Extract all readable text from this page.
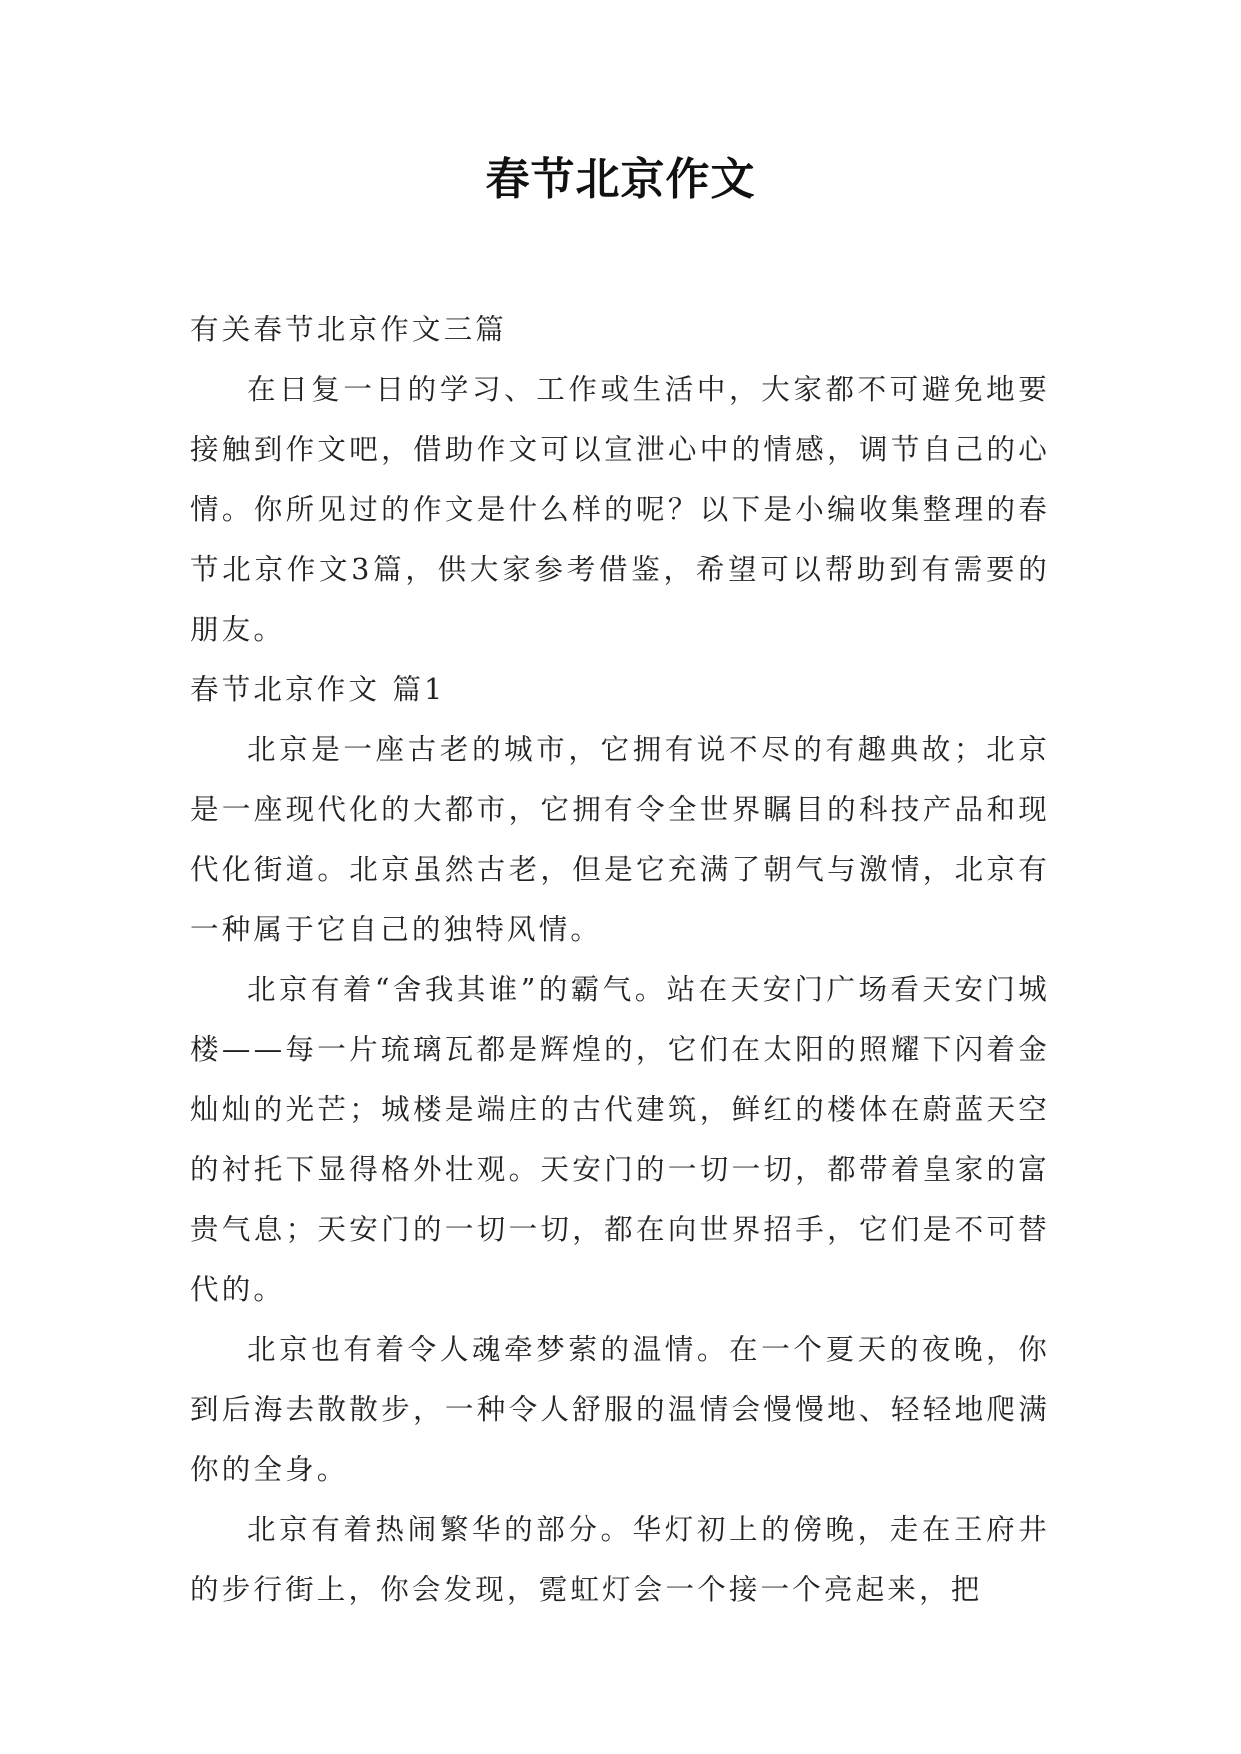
春节北京作文

有关春节北京作文三篇

在日复一日的学习、工作或生活中，大家都不可避免地要接触到作文吧，借助作文可以宣泄心中的情感，调节自己的心情。你所见过的作文是什么样的呢？以下是小编收集整理的春节北京作文3篇，供大家参考借鉴，希望可以帮助到有需要的朋友。

春节北京作文 篇1

北京是一座古老的城市，它拥有说不尽的有趣典故；北京是一座现代化的大都市，它拥有令全世界瞩目的科技产品和现代化街道。北京虽然古老，但是它充满了朝气与激情，北京有一种属于它自己的独特风情。

北京有着“舍我其谁”的霸气。站在天安门广场看天安门城楼——每一片琉璃瓦都是辉煌的，它们在太阳的照耀下闪着金灿灿的光芒；城楼是端庄的古代建筑，鲜红的楼体在蔚蓝天空的衬托下显得格外壮观。天安门的一切一切，都带着皇家的富贵气息；天安门的一切一切，都在向世界招手，它们是不可替代的。

北京也有着令人魂牵梦萦的温情。在一个夏天的夜晚，你到后海去散散步，一种令人舒服的温情会慢慢地、轻轻地爬满你的全身。

北京有着热闹繁华的部分。华灯初上的傍晚，走在王府井的步行街上，你会发现，霓虹灯会一个接一个亮起来，把
